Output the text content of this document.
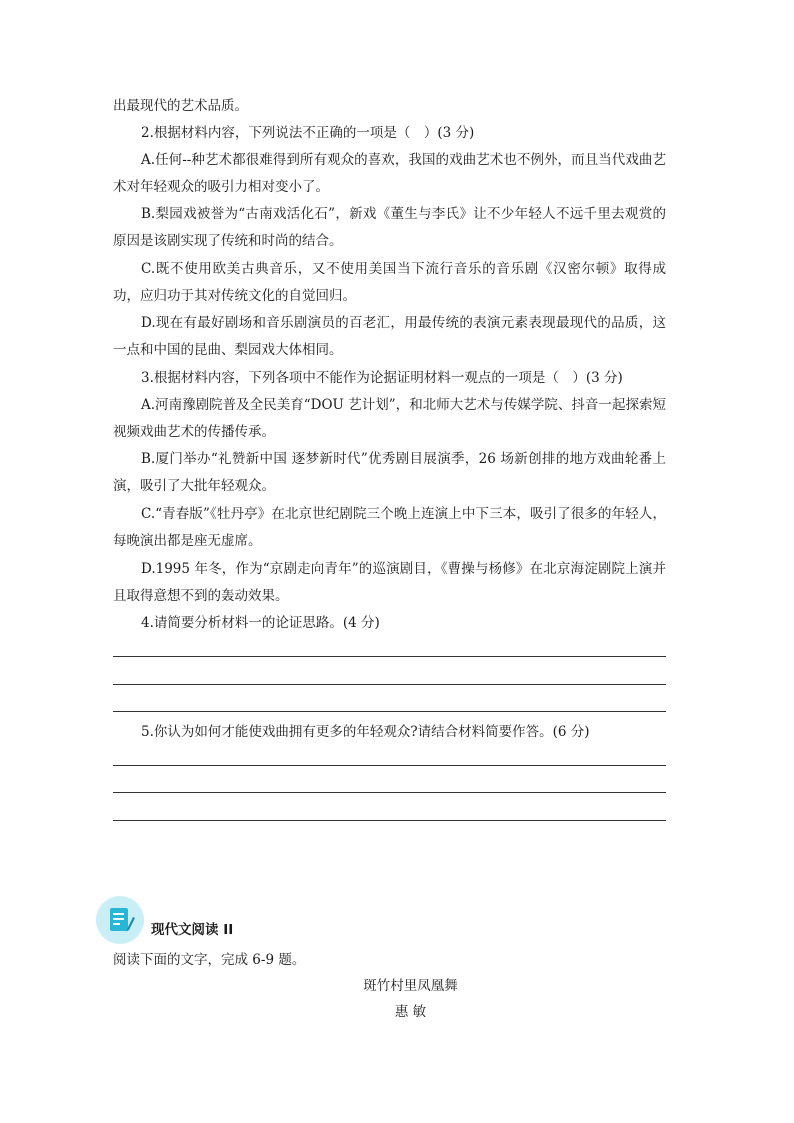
出最现代的艺术品质。

2.根据材料内容，下列说法不正确的一项是（　）(3 分)

A.任何--种艺术都很难得到所有观众的喜欢，我国的戏曲艺术也不例外，而且当代戏曲艺术对年轻观众的吸引力相对变小了。

B.梨园戏被誉为“古南戏活化石”，新戏《董生与李氏》让不少年轻人不远千里去观赏的原因是该剧实现了传统和时尚的结合。

C.既不使用欧美古典音乐，又不使用美国当下流行音乐的音乐剧《汉密尔顿》取得成功，应归功于其对传统文化的自觉回归。

D.现在有最好剧场和音乐剧演员的百老汇，用最传统的表演元素表现最现代的品质，这一点和中国的昆曲、梨园戏大体相同。

3.根据材料内容，下列各项中不能作为论据证明材料一观点的一项是（　）(3 分)

A.河南豫剧院普及全民美育“DOU 艺计划”，和北师大艺术与传媒学院、抖音一起探索短视频戏曲艺术的传播传承。

B.厦门举办“礼赞新中国 逐梦新时代”优秀剧目展演季，26 场新创排的地方戏曲轮番上演，吸引了大批年轻观众。

C.“青春版”《牡丹亭》在北京世纪剧院三个晚上连演上中下三本，吸引了很多的年轻人，每晚演出都是座无虚席。

D.1995 年冬，作为“京剧走向青年”的巡演剧目，《曹操与杨修》在北京海淀剧院上演并且取得意想不到的轰动效果。

4.请简要分析材料一的论证思路。(4 分)

5.你认为如何才能使戏曲拥有更多的年轻观众?请结合材料简要作答。(6 分)

现代文阅读 II

阅读下面的文字，完成 6-9 题。

斑竹村里凤凰舞
惠 敏
